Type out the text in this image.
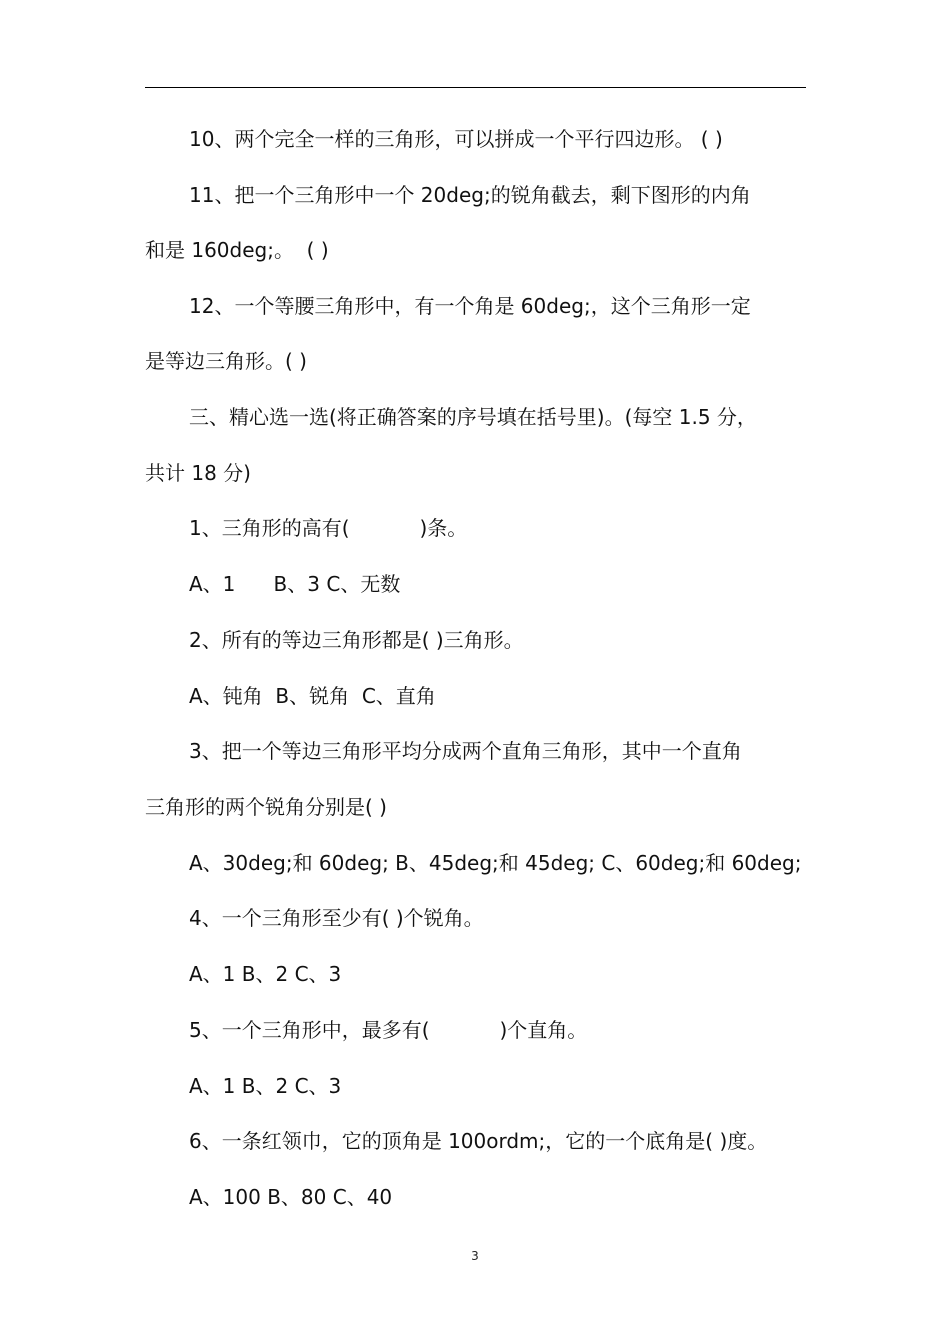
10、两个完全一样的三角形，可以拼成一个平行四边形。 ( )
11、把一个三角形中一个 20deg;的锐角截去，剩下图形的内角
和是 160deg;。  ( )
12、一个等腰三角形中，有一个角是 60deg;，这个三角形一定
是等边三角形。( )
三、精心选一选(将正确答案的序号填在括号里)。(每空 1.5 分，
共计 18 分)
1、三角形的高有(           )条。
A、1      B、3 C、无数
2、所有的等边三角形都是( )三角形。
A、钝角  B、锐角  C、直角
3、把一个等边三角形平均分成两个直角三角形，其中一个直角
三角形的两个锐角分别是( )
A、30deg;和 60deg; B、45deg;和 45deg; C、60deg;和 60deg;
4、一个三角形至少有( )个锐角。
A、1 B、2 C、3
5、一个三角形中，最多有(           )个直角。
A、1 B、2 C、3
6、一条红领巾，它的顶角是 100ordm;，它的一个底角是( )度。
A、100 B、80 C、40
3
